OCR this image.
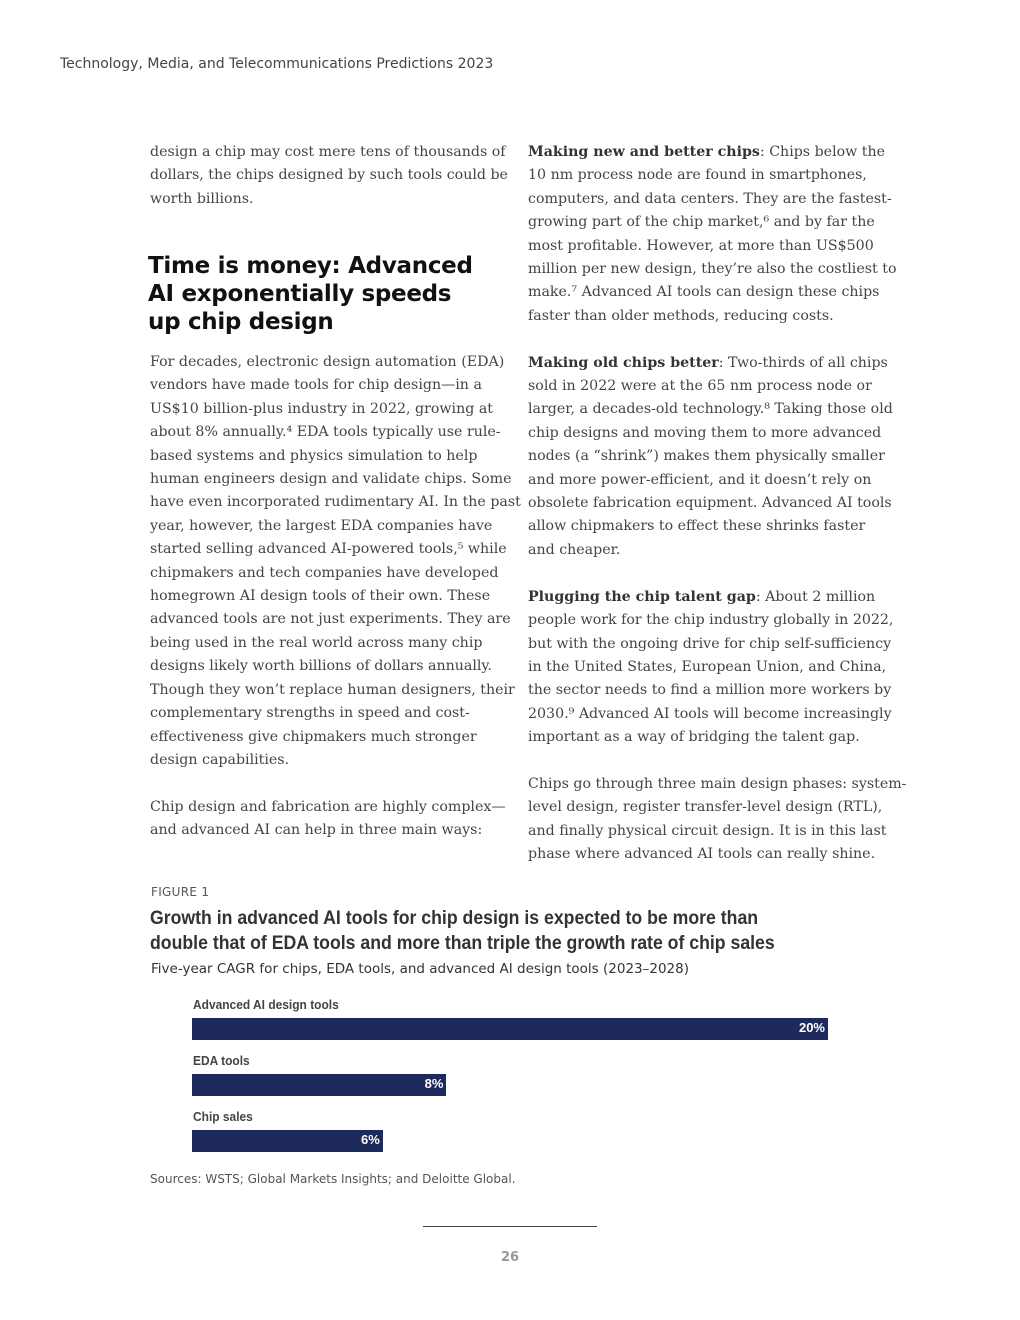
Technology, Media, and Telecommunications Predictions 2023

design a chip may cost mere tens of thousands of
dollars, the chips designed by such tools could be
worth billions.

Time is money: Advanced
AI exponentially speeds
up chip design

For decades, electronic design automation (EDA)
vendors have made tools for chip design—in a
US$10 billion-plus industry in 2022, growing at
about 8% annually.⁴ EDA tools typically use rule-
based systems and physics simulation to help
human engineers design and validate chips. Some
have even incorporated rudimentary AI. In the past
year, however, the largest EDA companies have
started selling advanced AI-powered tools,⁵ while
chipmakers and tech companies have developed
homegrown AI design tools of their own. These
advanced tools are not just experiments. They are
being used in the real world across many chip
designs likely worth billions of dollars annually.
Though they won’t replace human designers, their
complementary strengths in speed and cost-
effectiveness give chipmakers much stronger
design capabilities.

Chip design and fabrication are highly complex—
and advanced AI can help in three main ways:

Making new and better chips: Chips below the
10 nm process node are found in smartphones,
computers, and data centers. They are the fastest-
growing part of the chip market,⁶ and by far the
most profitable. However, at more than US$500
million per new design, they’re also the costliest to
make.⁷ Advanced AI tools can design these chips
faster than older methods, reducing costs.

Making old chips better: Two-thirds of all chips
sold in 2022 were at the 65 nm process node or
larger, a decades-old technology.⁸ Taking those old
chip designs and moving them to more advanced
nodes (a “shrink”) makes them physically smaller
and more power-efficient, and it doesn’t rely on
obsolete fabrication equipment. Advanced AI tools
allow chipmakers to effect these shrinks faster
and cheaper.

Plugging the chip talent gap: About 2 million
people work for the chip industry globally in 2022,
but with the ongoing drive for chip self-sufficiency
in the United States, European Union, and China,
the sector needs to find a million more workers by
2030.⁹ Advanced AI tools will become increasingly
important as a way of bridging the talent gap.

Chips go through three main design phases: system-
level design, register transfer-level design (RTL),
and finally physical circuit design. It is in this last
phase where advanced AI tools can really shine.

FIGURE 1
Growth in advanced AI tools for chip design is expected to be more than
double that of EDA tools and more than triple the growth rate of chip sales
Five-year CAGR for chips, EDA tools, and advanced AI design tools (2023–2028)
Advanced AI design tools
20%
EDA tools
8%
Chip sales
6%
Sources: WSTS; Global Markets Insights; and Deloitte Global.
26
